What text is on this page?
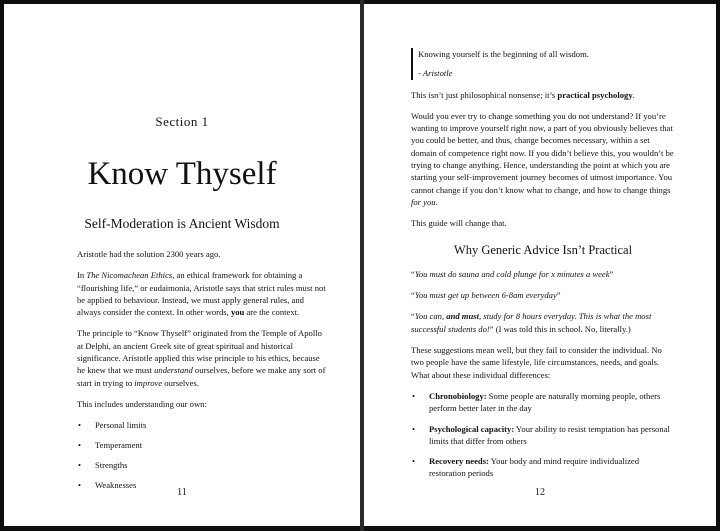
Section 1
Know Thyself
Self-Moderation is Ancient Wisdom

Aristotle had the solution 2300 years ago.

In The Nicomachean Ethics, an ethical framework for obtaining a “flourishing life,” or eudaimonia, Aristotle says that strict rules must not be applied to behaviour. Instead, we must apply general rules, and always consider the context. In other words, you are the context.

The principle to “Know Thyself” originated from the Temple of Apollo at Delphi, an ancient Greek site of great spiritual and historical significance. Aristotle applied this wise principle to his ethics, because he knew that we must understand ourselves, before we make any sort of start in trying to improve ourselves.

This includes understanding our own:

• Personal limits
• Temperament
• Strengths
• Weaknesses
11

Knowing yourself is the beginning of all wisdom.

- Aristotle

This isn’t just philosophical nonsense; it’s practical psychology.

Would you ever try to change something you do not understand? If you’re wanting to improve yourself right now, a part of you obviously believes that you could be better, and thus, change becomes necessary, within a set domain of competence right now. If you didn’t believe this, you wouldn’t be trying to change anything. Hence, understanding the point at which you are starting your self-improvement journey becomes of utmost importance. You cannot change if you don’t know what to change, and how to change things for you.

This guide will change that.

Why Generic Advice Isn’t Practical

“You must do sauna and cold plunge for x minutes a week”

“You must get up between 6-8am everyday”

“You can, and must, study for 8 hours everyday. This is what the most successful students do!” (I was told this in school. No, literally.)

These suggestions mean well, but they fail to consider the individual. No two people have the same lifestyle, life circumstances, needs, and goals. What about these individual differences:

• Chronobiology: Some people are naturally morning people, others perform better later in the day
• Psychological capacity: Your ability to resist temptation has personal limits that differ from others
• Recovery needs: Your body and mind require individualized restoration periods
12
